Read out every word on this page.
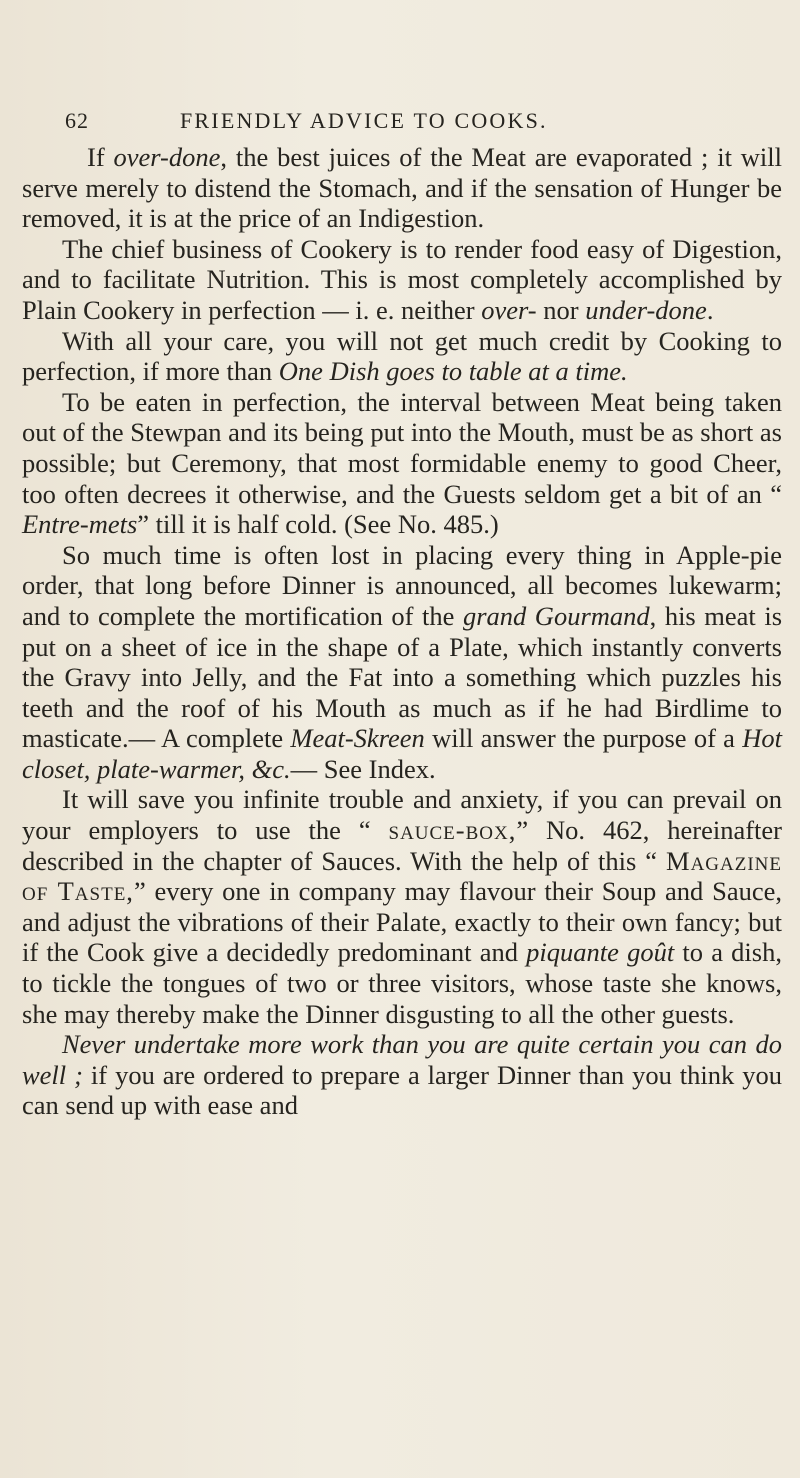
62	FRIENDLY ADVICE TO COOKS.

If over-done, the best juices of the Meat are evaporated ; it will serve merely to distend the Stomach, and if the sensation of Hunger be removed, it is at the price of an Indigestion.

The chief business of Cookery is to render food easy of Digestion, and to facilitate Nutrition. This is most completely accomplished by Plain Cookery in perfection — i. e. neither over- nor under-done.

With all your care, you will not get much credit by Cooking to perfection, if more than One Dish goes to table at a time.

To be eaten in perfection, the interval between Meat being taken out of the Stewpan and its being put into the Mouth, must be as short as possible; but Ceremony, that most formidable enemy to good Cheer, too often decrees it otherwise, and the Guests seldom get a bit of an “ Entre-mets” till it is half cold. (See No. 485.)

So much time is often lost in placing every thing in Apple-pie order, that long before Dinner is announced, all becomes lukewarm; and to complete the mortification of the grand Gourmand, his meat is put on a sheet of ice in the shape of a Plate, which instantly converts the Gravy into Jelly, and the Fat into a something which puzzles his teeth and the roof of his Mouth as much as if he had Birdlime to masticate.— A complete Meat-Skreen will answer the purpose of a Hot closet, plate-warmer, &c.— See Index.

It will save you infinite trouble and anxiety, if you can prevail on your employers to use the “ sauce-box,” No. 462, hereinafter described in the chapter of Sauces. With the help of this “ Magazine of Taste,” every one in company may flavour their Soup and Sauce, and adjust the vibrations of their Palate, exactly to their own fancy; but if the Cook give a decidedly predominant and piquante goût to a dish, to tickle the tongues of two or three visitors, whose taste she knows, she may thereby make the Dinner disgusting to all the other guests.

Never undertake more work than you are quite certain you can do well ; if you are ordered to prepare a larger Dinner than you think you can send up with ease and
